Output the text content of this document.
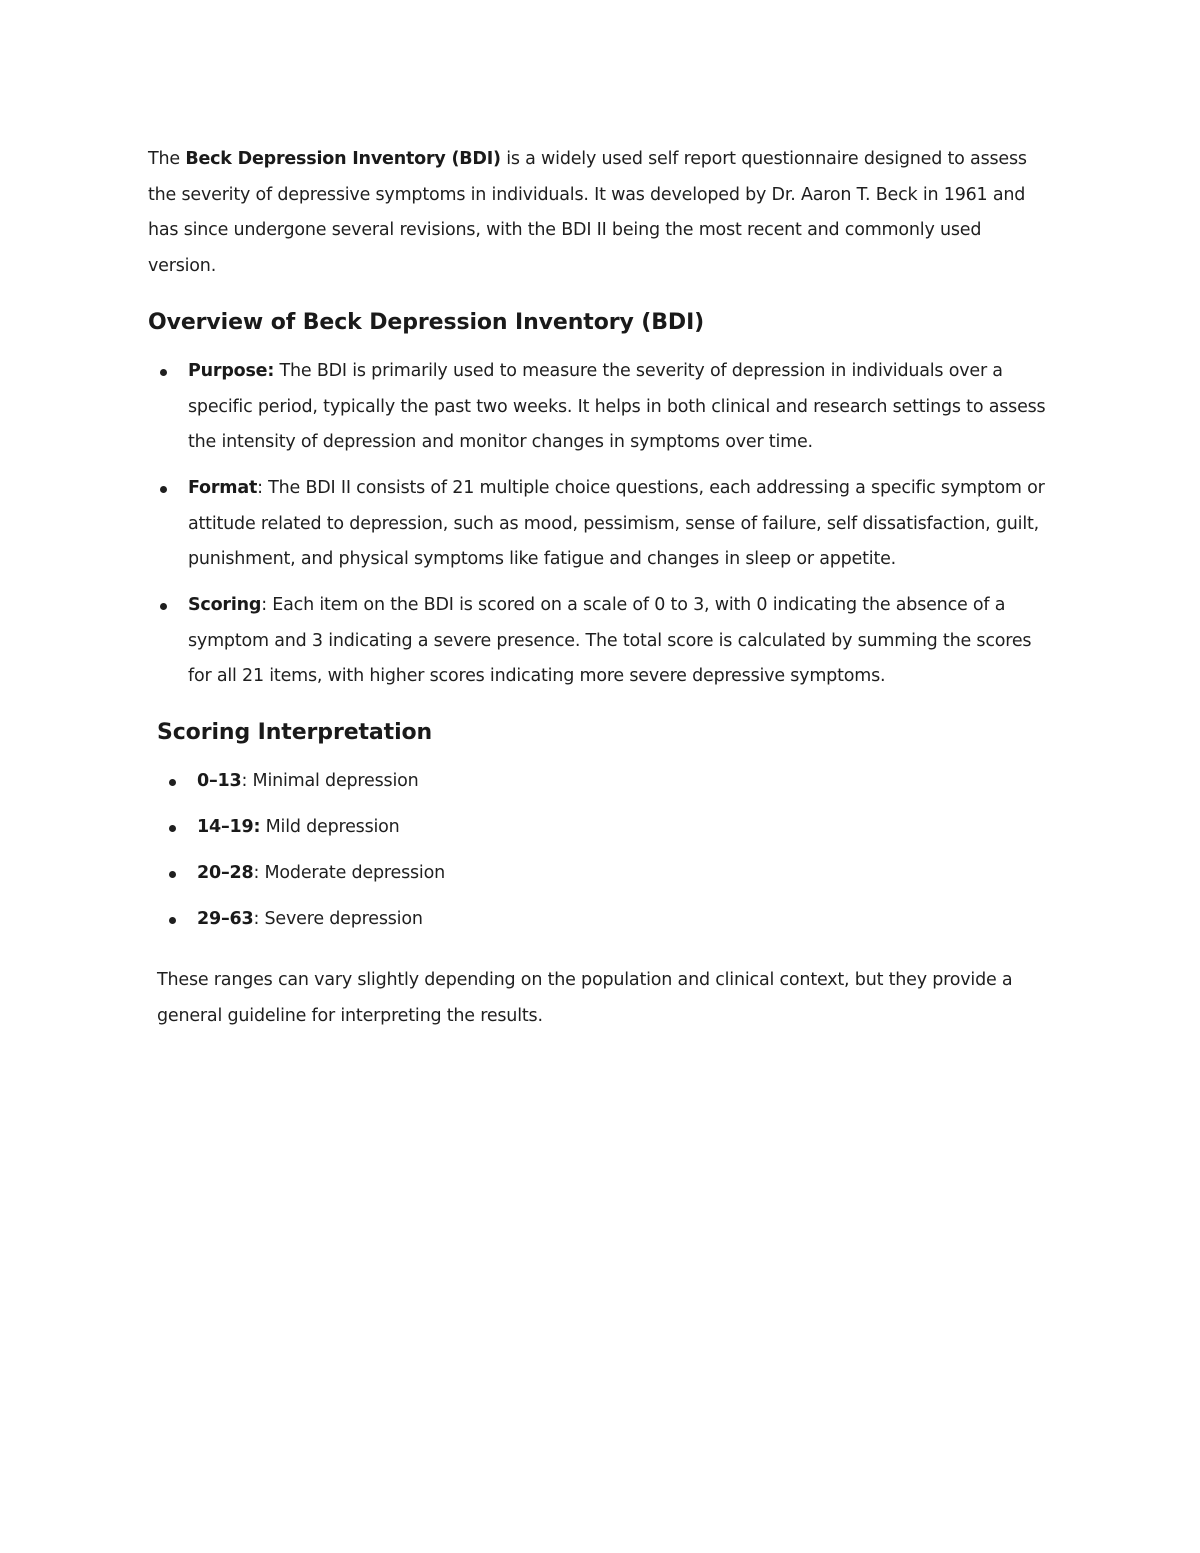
The Beck Depression Inventory (BDI) is a widely used self report questionnaire designed to assess the severity of depressive symptoms in individuals. It was developed by Dr. Aaron T. Beck in 1961 and has since undergone several revisions, with the BDI II being the most recent and commonly used version.

Overview of Beck Depression Inventory (BDI)
Purpose: The BDI is primarily used to measure the severity of depression in individuals over a specific period, typically the past two weeks. It helps in both clinical and research settings to assess the intensity of depression and monitor changes in symptoms over time.
Format: The BDI II consists of 21 multiple choice questions, each addressing a specific symptom or attitude related to depression, such as mood, pessimism, sense of failure, self dissatisfaction, guilt, punishment, and physical symptoms like fatigue and changes in sleep or appetite.
Scoring: Each item on the BDI is scored on a scale of 0 to 3, with 0 indicating the absence of a symptom and 3 indicating a severe presence. The total score is calculated by summing the scores for all 21 items, with higher scores indicating more severe depressive symptoms.
Scoring Interpretation
0–13: Minimal depression
14–19: Mild depression
20–28: Moderate depression
29–63: Severe depression

These ranges can vary slightly depending on the population and clinical context, but they provide a general guideline for interpreting the results.
